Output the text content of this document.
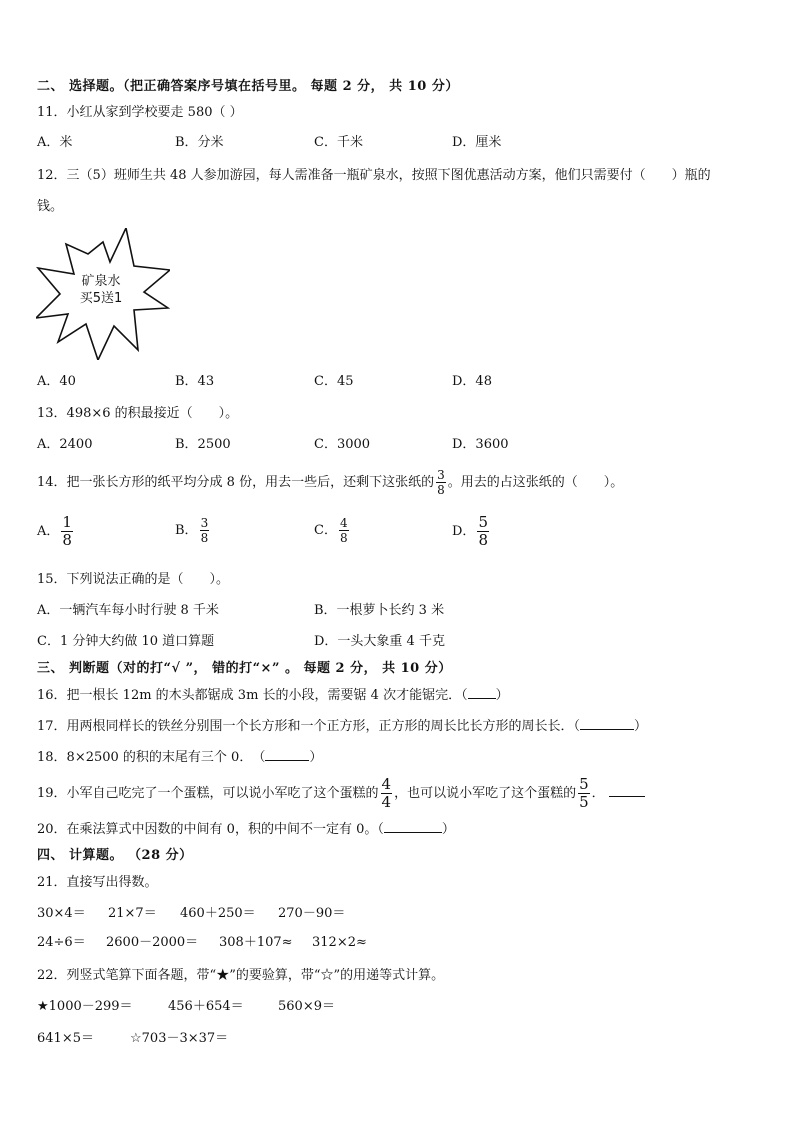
二、 选择题。（把正确答案序号填在括号里。 每题 2 分， 共 10 分）
11．小红从家到学校要走 580（ ）
A．米	B．分米	C．千米	D．厘米
12．三（5）班师生共 48 人参加游园，每人需准备一瓶矿泉水，按照下图优惠活动方案，他们只需要付（　　）瓶的
钱。
矿泉水
买5送1
A．40	B．43	C．45	D．48
13．498×6 的积最接近（　　）。
A．2400	B．2500	C．3000	D．3600
14．把一张长方形的纸平均分成 8 份，用去一些后，还剩下这张纸的 $\frac{3}{8}$ 。用去的占这张纸的（　　）。
A． $\frac{1}{8}$	B． $\frac{3}{8}$	C． $\frac{4}{8}$	D． $\frac{5}{8}$
15．下列说法正确的是（　　）。
A．一辆汽车每小时行驶 8 千米	B．一根萝卜长约 3 米
C．1 分钟大约做 10 道口算题	D．一头大象重 4 千克
三、 判断题（对的打“√ ”， 错的打“×” 。 每题 2 分， 共 10 分）
16．把一根长 12m 的木头都锯成 3m 长的小段，需要锯 4 次才能锯完．（ ）
17．用两根同样长的铁丝分别围一个长方形和一个正方形，正方形的周长比长方形的周长长．（	）
18．8×2500 的积的末尾有三个 0．　（	）
19．小军自己吃完了一个蛋糕，可以说小军吃了这个蛋糕的 $\frac{4}{4}$ ，也可以说小军吃了这个蛋糕的 $\frac{5}{5}$ ．
20．在乘法算式中因数的中间有 0，积的中间不一定有 0。（	）
四、 计算题。 （28 分）
21．直接写出得数。
30×4＝ 21×7＝ 460＋250＝ 270－90＝
24÷6＝ 2600－2000＝ 308＋107≈ 312×2≈
22．列竖式笔算下面各题，带“★”的要验算，带“☆”的用递等式计算。
★1000－299＝	456＋654＝	560×9＝
641×5＝	☆703－3×37＝
